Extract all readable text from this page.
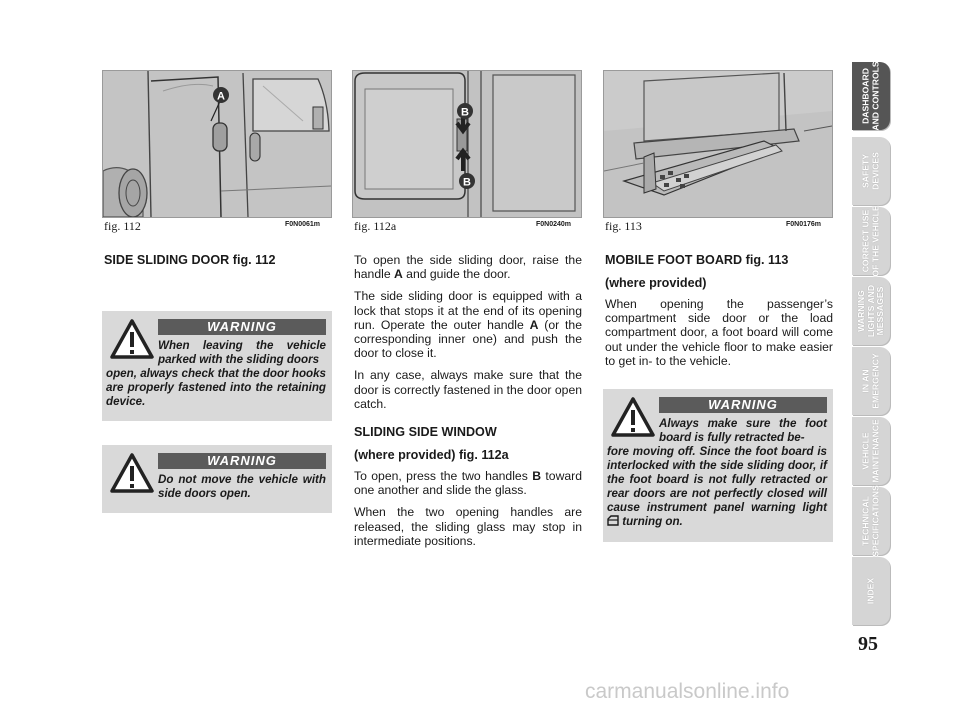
A
fig. 112	F0N0061m
B
B
fig. 112a	F0N0240m	fig. 113	F0N0176m

SIDE SLIDING DOOR fig. 112

WARNING
When leaving the vehicle parked with the sliding doors
open, always check that the door hooks are properly fastened into the retaining device.
WARNING
Do not move the vehicle with side doors open.

To open the side sliding door, raise the handle A and guide the door.

The side sliding door is equipped with a lock that stops it at the end of its opening run. Operate the outer handle A (or the corresponding inner one) and push the door to close it.

In any case, always make sure that the door is correctly fastened in the door open catch.

SLIDING SIDE WINDOW

(where provided) fig. 112a

To open, press the two handles B toward one another and slide the glass.

When the two opening handles are released, the sliding glass may stop in intermediate positions.

MOBILE FOOT BOARD fig. 113

(where provided)

When opening the passenger’s compartment side door or the load compartment door, a foot board will come out under the vehicle floor to make easier to get in- to the vehicle.

WARNING
Always make sure the foot board is fully retracted be-
fore moving off. Since the foot board is interlocked with the side sliding door, if the foot board is not fully retracted or rear doors are not perfectly closed will cause instrument panel warning light  turning on.
DASHBOARD
AND CONTROLS
SAFETY
DEVICES
CORRECT USE
OF THE VEHICLE
WARNING
LIGHTS AND
MESSAGES
IN AN
EMERGENCY
VEHICLE
MAINTENANCE
TECHNICAL
SPECIFICATIONS
INDEX
95
carmanualsonline.info
